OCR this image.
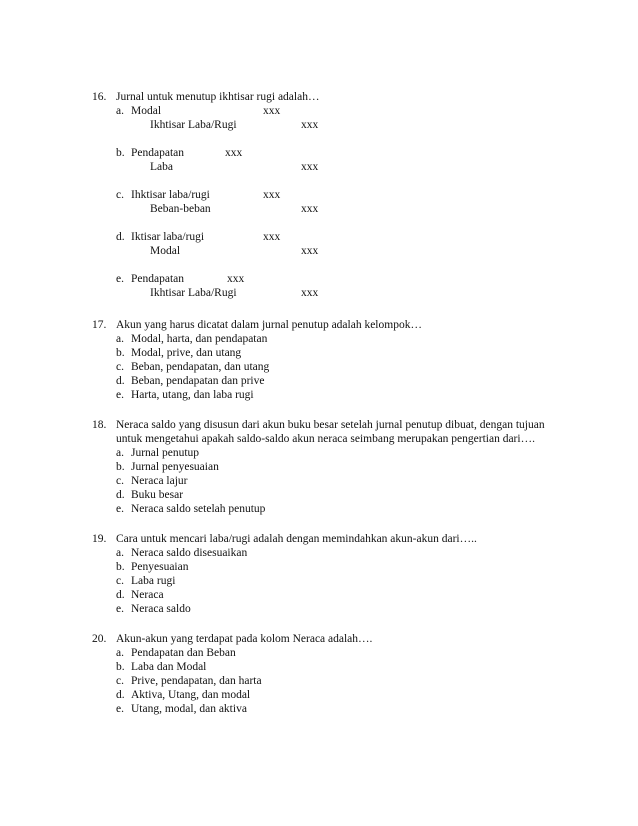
16. Jurnal untuk menutup ikhtisar rugi adalah…
a. Modal	xxx
Ikhtisar Laba/Rugi	xxx
b. Pendapatan	xxx
Laba	xxx
c. Ihktisar laba/rugi	xxx
Beban-beban	xxx
d. Iktisar laba/rugi	xxx
Modal	xxx
e. Pendapatan	xxx
Ikhtisar Laba/Rugi	xxx
17. Akun yang harus dicatat dalam jurnal penutup adalah kelompok…
a. Modal, harta, dan pendapatan
b. Modal, prive, dan utang
c. Beban, pendapatan, dan utang
d. Beban, pendapatan dan prive
e. Harta, utang, dan laba rugi
18. Neraca saldo yang disusun dari akun buku besar setelah jurnal penutup dibuat, dengan tujuan
untuk mengetahui apakah saldo-saldo akun neraca seimbang merupakan pengertian dari….
a. Jurnal penutup
b. Jurnal penyesuaian
c. Neraca lajur
d. Buku besar
e. Neraca saldo setelah penutup
19. Cara untuk mencari laba/rugi adalah dengan memindahkan akun-akun dari…..
a. Neraca saldo disesuaikan
b. Penyesuaian
c. Laba rugi
d. Neraca
e. Neraca saldo
20. Akun-akun yang terdapat pada kolom Neraca adalah….
a. Pendapatan dan Beban
b. Laba dan Modal
c. Prive, pendapatan, dan harta
d. Aktiva, Utang, dan modal
e. Utang, modal, dan aktiva
